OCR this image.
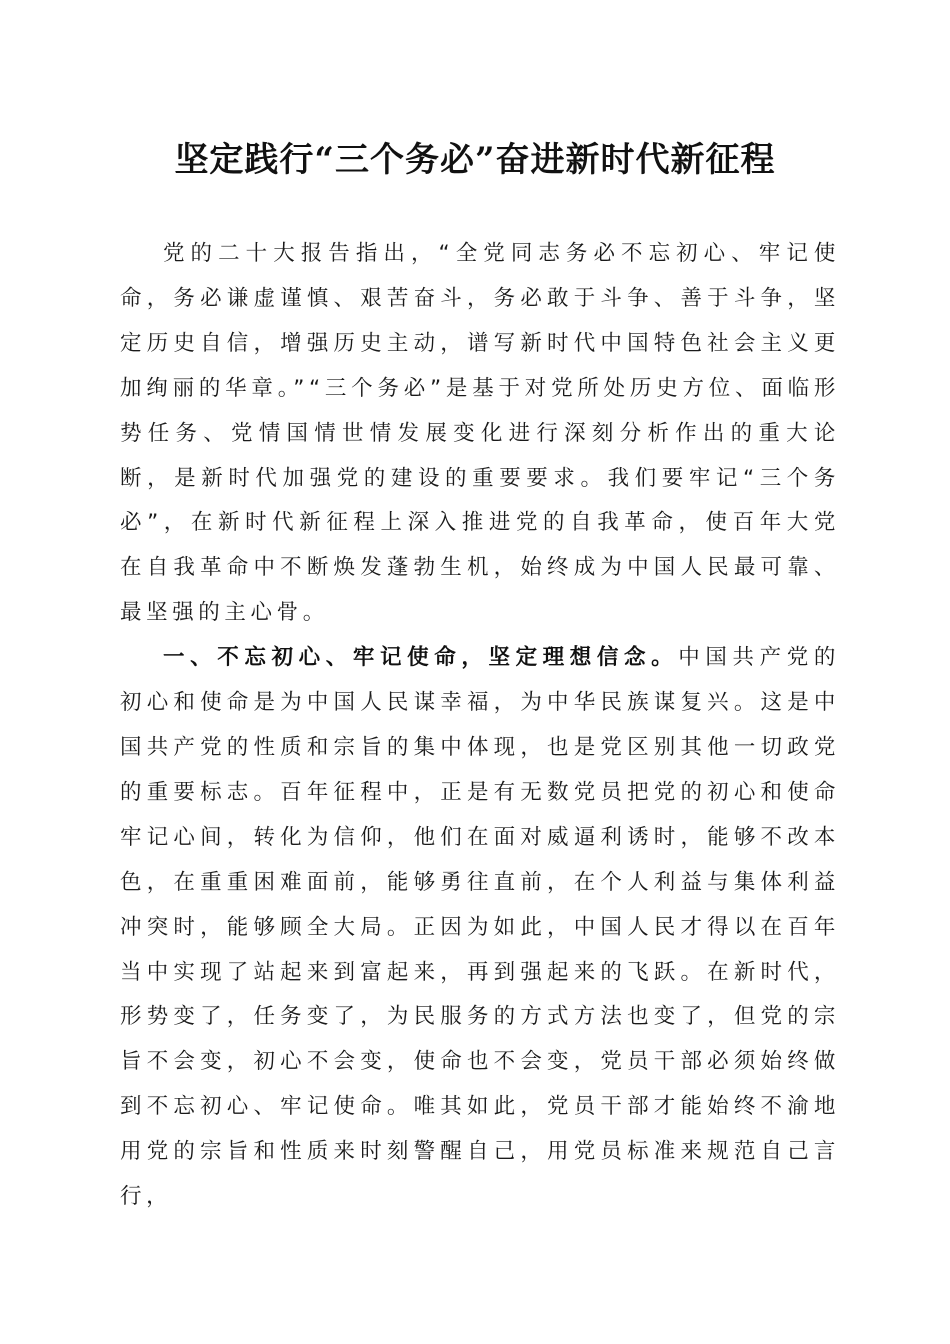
坚定践行“三个务必”奋进新时代新征程

党的二十大报告指出，“全党同志务必不忘初心、牢记使命，务必谦虚谨慎、艰苦奋斗，务必敢于斗争、善于斗争，坚定历史自信，增强历史主动，谱写新时代中国特色社会主义更加绚丽的华章。”“三个务必”是基于对党所处历史方位、面临形势任务、党情国情世情发展变化进行深刻分析作出的重大论断，是新时代加强党的建设的重要要求。我们要牢记“三个务必”，在新时代新征程上深入推进党的自我革命，使百年大党在自我革命中不断焕发蓬勃生机，始终成为中国人民最可靠、最坚强的主心骨。

一、不忘初心、牢记使命，坚定理想信念。中国共产党的初心和使命是为中国人民谋幸福，为中华民族谋复兴。这是中国共产党的性质和宗旨的集中体现，也是党区别其他一切政党的重要标志。百年征程中，正是有无数党员把党的初心和使命牢记心间，转化为信仰，他们在面对威逼利诱时，能够不改本色，在重重困难面前，能够勇往直前，在个人利益与集体利益冲突时，能够顾全大局。正因为如此，中国人民才得以在百年当中实现了站起来到富起来，再到强起来的飞跃。在新时代，形势变了，任务变了，为民服务的方式方法也变了，但党的宗旨不会变，初心不会变，使命也不会变，党员干部必须始终做到不忘初心、牢记使命。唯其如此，党员干部才能始终不渝地用党的宗旨和性质来时刻警醒自己，用党员标准来规范自己言行，
